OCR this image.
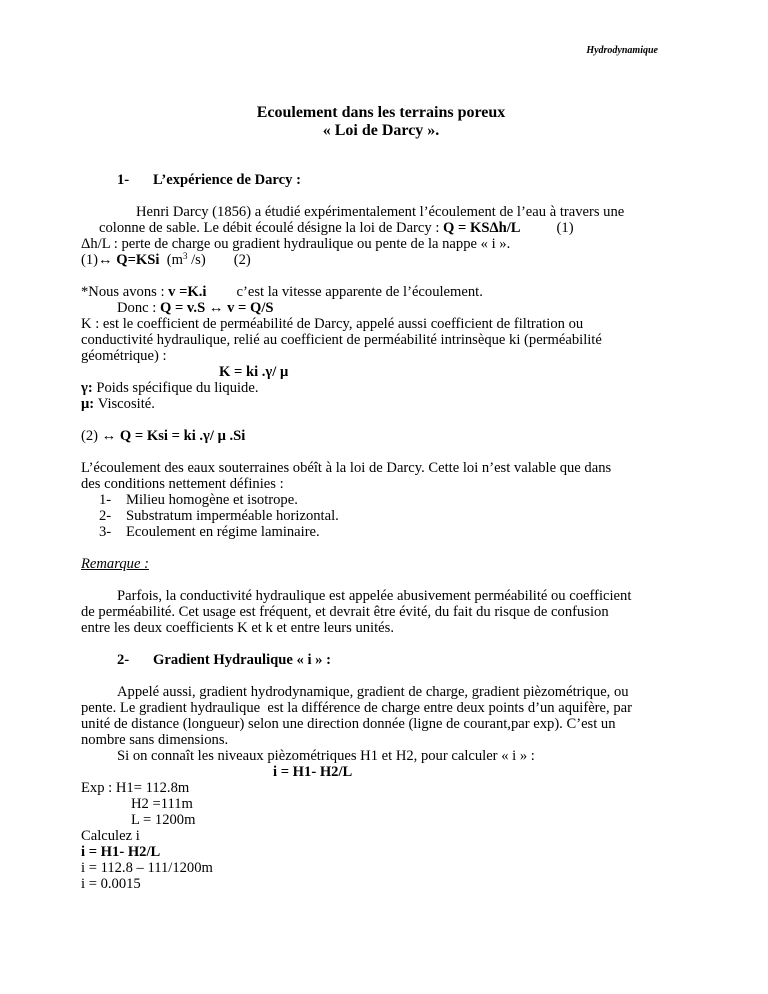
Hydrodynamique
Ecoulement dans les terrains poreux
« Loi de Darcy ».
1- L’expérience de Darcy :
Henri Darcy (1856) a étudié expérimentalement l’écoulement de l’eau à travers une
colonne de sable. Le débit écoulé désigne la loi de Darcy : Q = KSΔh/L (1)
Δh/L : perte de charge ou gradient hydraulique ou pente de la nappe « i ».
(1)↔ Q=KSi ($m^3$ /s) (2)
*Nous avons : v =K.i c’est la vitesse apparente de l’écoulement.
Donc : Q = v.S ↔ v = Q/S
K : est le coefficient de perméabilité de Darcy, appelé aussi coefficient de filtration ou
conductivité hydraulique, relié au coefficient de perméabilité intrinsèque ki (perméabilité
géométrique) :
K = ki .γ/ μ
γ: Poids spécifique du liquide.
μ: Viscosité.
(2) ↔ Q = Ksi = ki .γ/ μ .Si
L’écoulement des eaux souterraines obéît à la loi de Darcy. Cette loi n’est valable que dans
des conditions nettement définies :
1- Milieu homogène et isotrope.
2- Substratum imperméable horizontal.
3- Ecoulement en régime laminaire.
Remarque :
Parfois, la conductivité hydraulique est appelée abusivement perméabilité ou coefficient
de perméabilité. Cet usage est fréquent, et devrait être évité, du fait du risque de confusion
entre les deux coefficients K et k et entre leurs unités.
2- Gradient Hydraulique « i » :
Appelé aussi, gradient hydrodynamique, gradient de charge, gradient pièzométrique, ou
pente. Le gradient hydraulique  est la différence de charge entre deux points d’un aquifère, par
unité de distance (longueur) selon une direction donnée (ligne de courant,par exp). C’est un
nombre sans dimensions.
Si on connaît les niveaux pièzométriques H1 et H2, pour calculer « i » :
i = H1- H2/L
Exp : H1= 112.8m
H2 =111m
L = 1200m
Calculez i
i = H1- H2/L
i = 112.8 – 111/1200m
i = 0.0015
